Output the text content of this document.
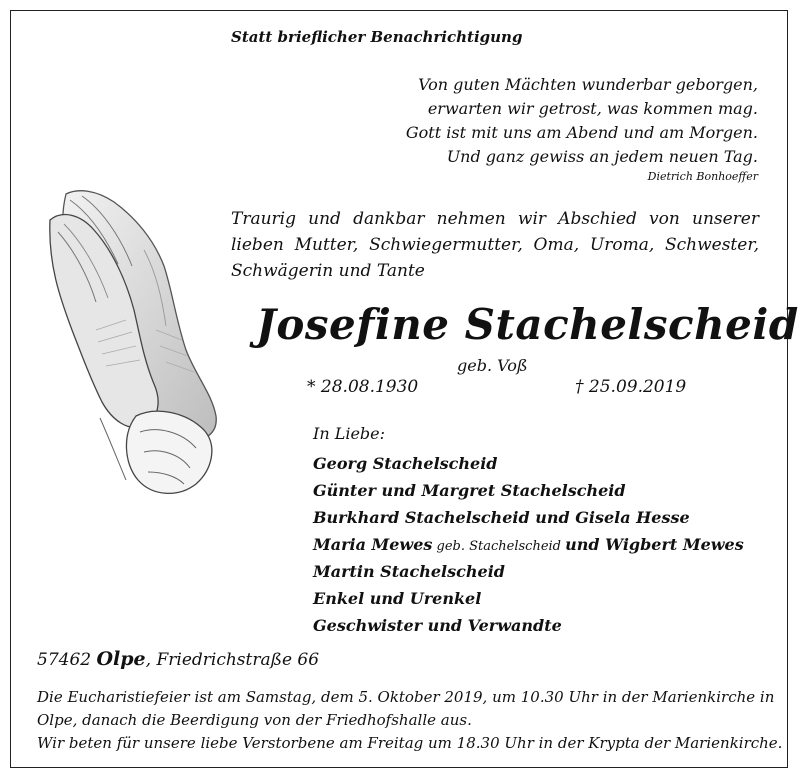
Statt brieflicher Benachrichtigung
Von guten Mächten wunderbar geborgen,
erwarten wir getrost, was kommen mag.
Gott ist mit uns am Abend und am Morgen.
Und ganz gewiss an jedem neuen Tag.
Dietrich Bonhoeffer
Traurig und dankbar nehmen wir Abschied von unserer lieben Mutter, Schwiegermutter, Oma, Uroma, Schwester, Schwägerin und Tante
Josefine Stachelscheid
geb. Voß
* 28.08.1930	† 25.09.2019
In Liebe:
Georg Stachelscheid
Günter und Margret Stachelscheid
Burkhard Stachelscheid und Gisela Hesse
Maria Mewes geb. Stachelscheid und Wigbert Mewes
Martin Stachelscheid
Enkel und Urenkel
Geschwister und Verwandte
57462 Olpe, Friedrichstraße 66
Die Eucharistiefeier ist am Samstag, dem 5. Oktober 2019, um 10.30 Uhr in der Marienkirche in
Olpe, danach die Beerdigung von der Friedhofshalle aus.
Wir beten für unsere liebe Verstorbene am Freitag um 18.30 Uhr in der Krypta der Marienkirche.
